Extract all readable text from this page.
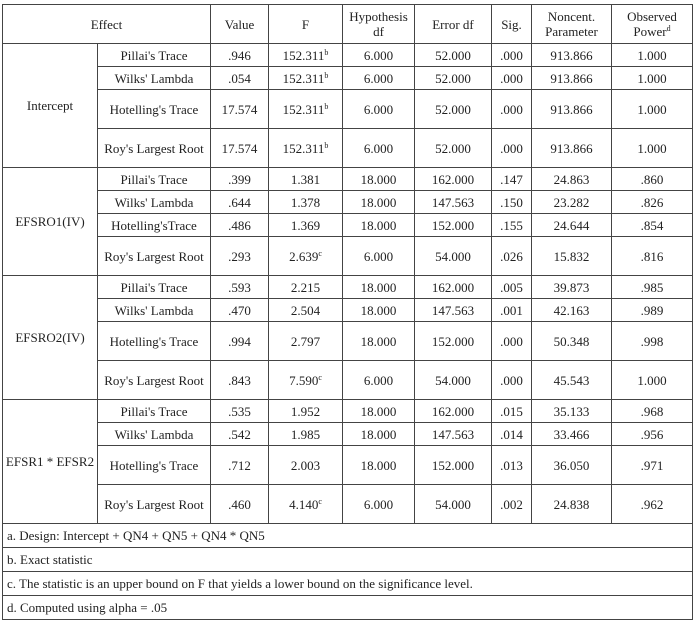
Effect		Value	F	Hypothesis df	Error df	Sig.	Noncent. Parameter	Observed Power$^d$
Intercept	Pillai's Trace	.946	152.311$^b$	6.000	52.000	.000	913.866	1.000
	Wilks' Lambda	.054	152.311$^b$	6.000	52.000	.000	913.866	1.000
	Hotelling's Trace	17.574	152.311$^b$	6.000	52.000	.000	913.866	1.000
	Roy's Largest Root	17.574	152.311$^b$	6.000	52.000	.000	913.866	1.000
EFSRO1(IV)	Pillai's Trace	.399	1.381	18.000	162.000	.147	24.863	.860
	Wilks' Lambda	.644	1.378	18.000	147.563	.150	23.282	.826
	Hotelling'sTrace	.486	1.369	18.000	152.000	.155	24.644	.854
	Roy's Largest Root	.293	2.639$^c$	6.000	54.000	.026	15.832	.816
EFSRO2(IV)	Pillai's Trace	.593	2.215	18.000	162.000	.005	39.873	.985
	Wilks' Lambda	.470	2.504	18.000	147.563	.001	42.163	.989
	Hotelling's Trace	.994	2.797	18.000	152.000	.000	50.348	.998
	Roy's Largest Root	.843	7.590$^c$	6.000	54.000	.000	45.543	1.000
EFSR1 * EFSR2	Pillai's Trace	.535	1.952	18.000	162.000	.015	35.133	.968
	Wilks' Lambda	.542	1.985	18.000	147.563	.014	33.466	.956
	Hotelling's Trace	.712	2.003	18.000	152.000	.013	36.050	.971
	Roy's Largest Root	.460	4.140$^c$	6.000	54.000	.002	24.838	.962
a. Design: Intercept + QN4 + QN5 + QN4 * QN5								
b. Exact statistic								
c. The statistic is an upper bound on F that yields a lower bound on the significance level.								
d. Computed using alpha = .05								
